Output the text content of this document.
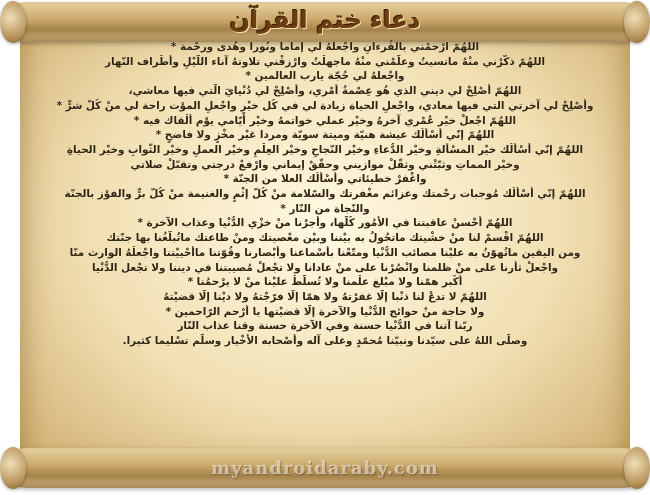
دعاء ختم القرآن
اللهُمّ ارْحمْني بالقُرءانِ واجْعلهُ لي إماما ونُورا وهُدى ورحْمة *
اللهُمّ ذكّرْني منْهُ ماتسيتُ وعلّمْني منْهُ ماجهلْتُ وارْزقْني تلاوتهُ آناء اللّيْلِ وأطْراف النّهار
واجْعلهُ لي حُجّة يارب العالمين *
اللهُمّ أصْلِحْ لي ديني الذي هُو عِصْمةُ أمْري، وأصْلِحْ لي دُنْيايَ الّتي فيها معاشي،
وأصْلِحْ لي آخرتي التي فيها معادي، واجْعلِ الحياة زيادة لي في كُل خيْرٍ واجْعلِ الموْت راحة لي منْ كُلّ شرٍّ *
اللهُمّ اجْعلْ خيْر عُمْري آخرهُ وخيْر عملي خواتمهُ وخيْر أيّامي يوْم ألْقاك فيه *
اللهُمّ إنّي أسْألُك عيشة هنيّة وميتة سويّة ومردا غيْر مخْزٍ ولا فاضحٍ *
اللهُمّ إنّي أسْألُك خيْر المسْألةِ وخيْر الدُّعاءِ وخيْر النّجاحِ وخيْر العِلْمِ وخيْر العملِ وخيْر الثّوابِ وخيْر الحياةِ
وخيْر المماتِ وثبّتْني وثقّلْ موازيني وحقّقْ إيماني وارْفعْ درجتي وتقبّلْ صلاتي
واغْفرْ خطيئاتي وأسْألُك العلا من الجنّة *
اللهُمّ إنّي أسْألُك مُوجبات رحْمتك وعزائم مغْفرتك والسّلامة منْ كُلّ إثْمٍ والغنيمة منْ كُلّ برٍّ والفوْز بالجنّة
والنّجاة من النّار *
اللهُمّ أحْسنْ عاقبتنا في الأُمُور كُلّها، وأجرْنا منْ خزْي الدُّنْيا وعذاب الآخرة *
اللهُمّ اقْسمْ لنا منْ خشْيتك ماتحُولُ به بيْننا وبيْن معْصيتك ومنْ طاعتك ماتُبلّغُنا بها جنّتك
ومن اليقين ماتُهوّنُ به عليْنا مصائب الدُّنْيا ومتّعْنا بأسْماعنا وأبْصارنا وقُوّتنا ماأحْييْتنا واجْعلْهُ الوارث منّا
واجْعلْ ثأرنا على منْ ظلمنا وانْصُرْنا على منْ عادانا ولا تجْعلْ مُصيبتنا في ديننا ولا تجْعل الدُّنْيا
أكْبر همّنا ولا مبْلغ علْمنا ولا تُسلّطْ عليْنا منْ لا يرْحمُنا *
اللهُمّ لا تدعْ لنا ذنْبا إلّا غفرْتهُ ولا همّا إلّا فرّجْتهُ ولا ديْنا إلّا قضيْتهُ
ولا حاجة منْ حوائج الدُّنْيا والآخرة إلّا قضيْتها يا أرْحم الرّاحمين *
ربّنا آتنا في الدُّنْيا حسنة وفي الآخرة حسنة وقنا عذاب النّار
وصلّى اللهُ على سيّدنا ونبيّنا مُحمّدٍ وعلى آله وأصْحابه الأخْيار وسلّم تسْليما كثيرا.
myandroidaraby.com
